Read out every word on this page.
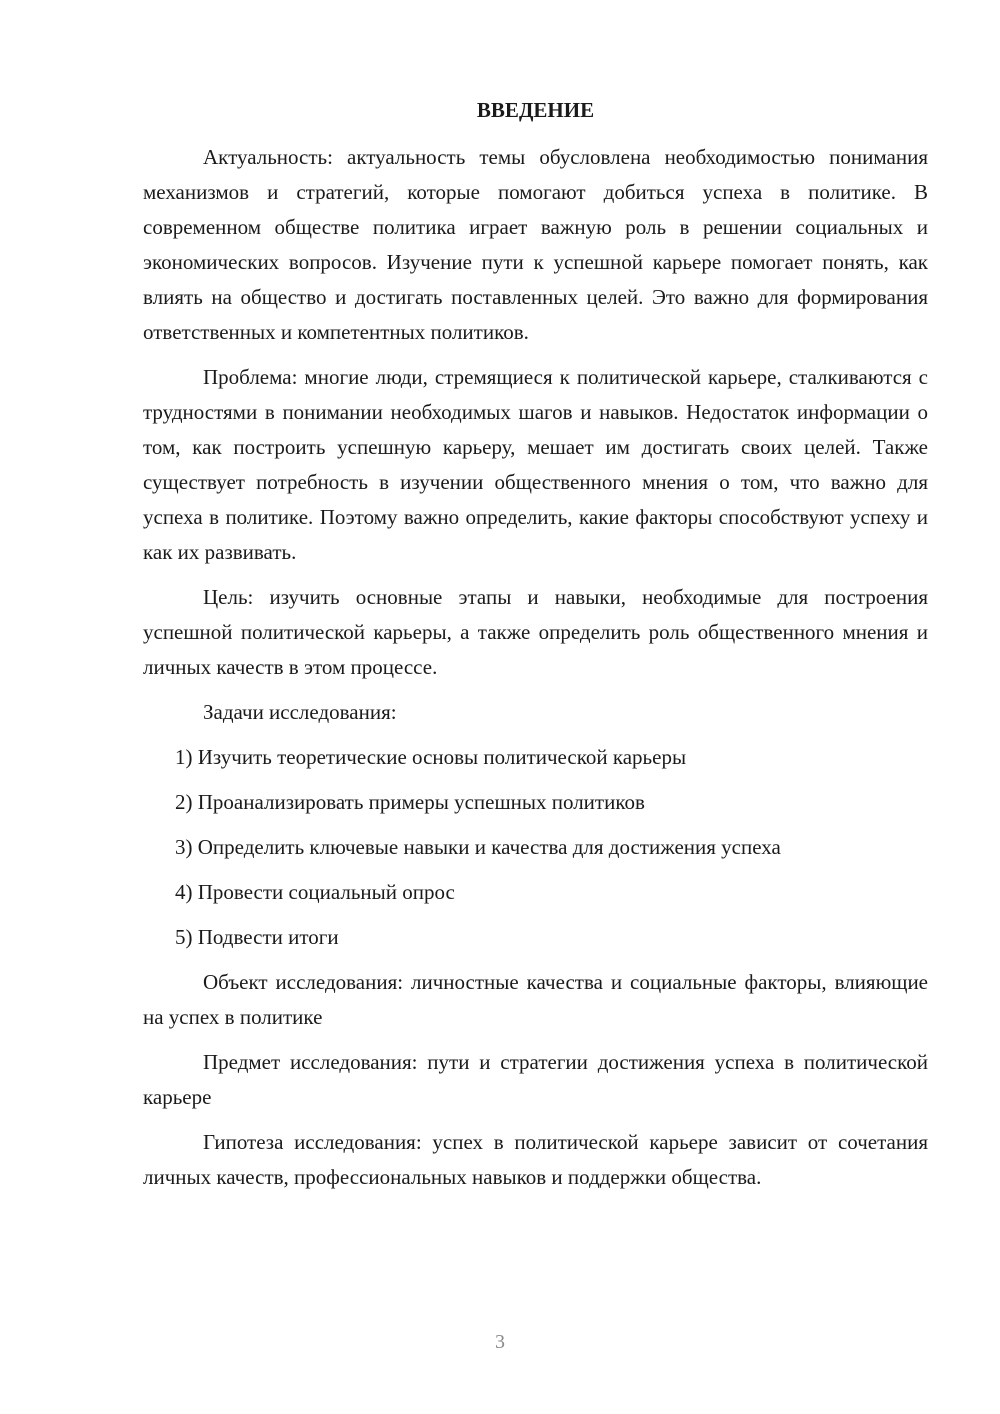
ВВЕДЕНИЕ

Актуальность: актуальность темы обусловлена необходимостью понимания механизмов и стратегий, которые помогают добиться успеха в политике. В современном обществе политика играет важную роль в решении социальных и экономических вопросов. Изучение пути к успешной карьере помогает понять, как влиять на общество и достигать поставленных целей. Это важно для формирования ответственных и компетентных политиков.

Проблема: многие люди, стремящиеся к политической карьере, сталкиваются с трудностями в понимании необходимых шагов и навыков. Недостаток информации о том, как построить успешную карьеру, мешает им достигать своих целей. Также существует потребность в изучении общественного мнения о том, что важно для успеха в политике. Поэтому важно определить, какие факторы способствуют успеху и как их развивать.

Цель: изучить основные этапы и навыки, необходимые для построения успешной политической карьеры, а также определить роль общественного мнения и личных качеств в этом процессе.

Задачи исследования:

1) Изучить теоретические основы политической карьеры
2) Проанализировать примеры успешных политиков
3) Определить ключевые навыки и качества для достижения успеха
4) Провести социальный опрос
5) Подвести итоги

Объект исследования: личностные качества и социальные факторы, влияющие на успех в политике

Предмет исследования: пути и стратегии достижения успеха в политической карьере

Гипотеза исследования: успех в политической карьере зависит от сочетания личных качеств, профессиональных навыков и поддержки общества.

3
